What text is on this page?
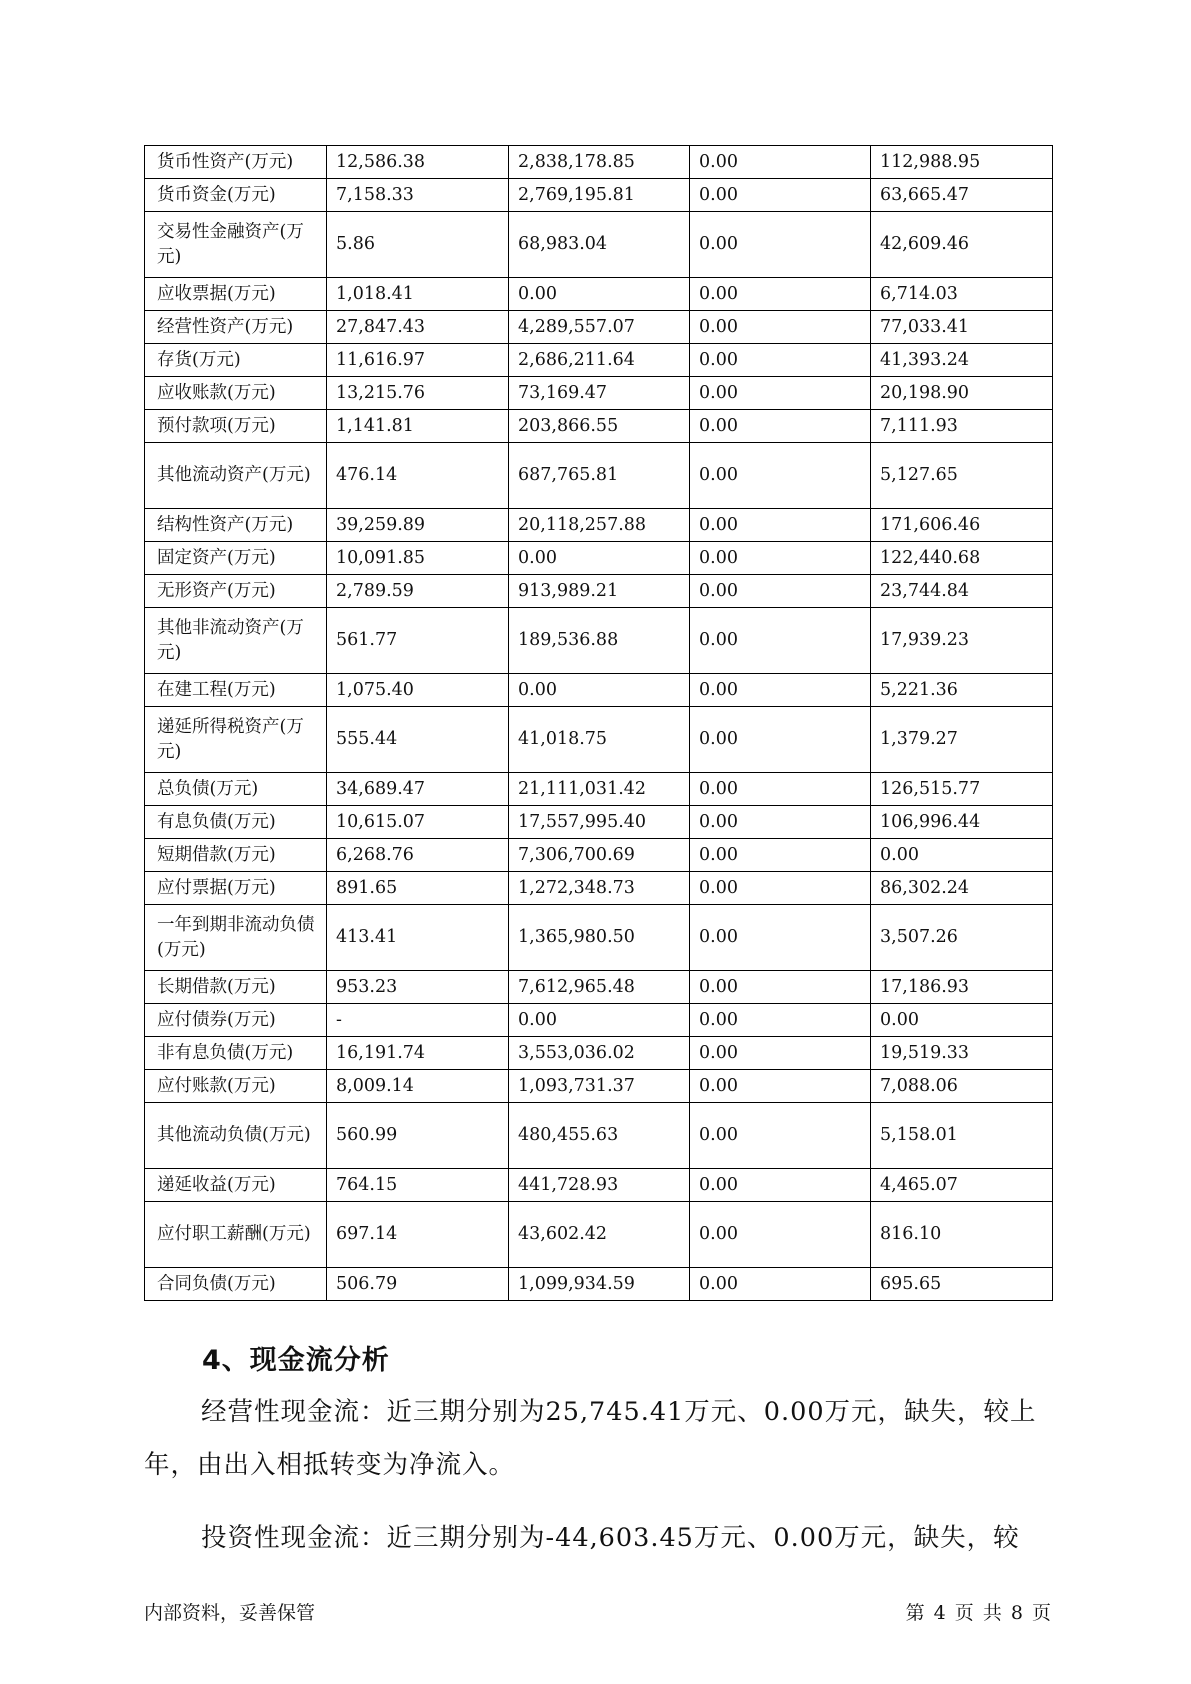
货币性资产(万元)	12,586.38	2,838,178.85	0.00	112,988.95
货币资金(万元)	7,158.33	2,769,195.81	0.00	63,665.47
交易性金融资产(万元)	5.86	68,983.04	0.00	42,609.46
应收票据(万元)	1,018.41	0.00	0.00	6,714.03
经营性资产(万元)	27,847.43	4,289,557.07	0.00	77,033.41
存货(万元)	11,616.97	2,686,211.64	0.00	41,393.24
应收账款(万元)	13,215.76	73,169.47	0.00	20,198.90
预付款项(万元)	1,141.81	203,866.55	0.00	7,111.93
其他流动资产(万元)	476.14	687,765.81	0.00	5,127.65
结构性资产(万元)	39,259.89	20,118,257.88	0.00	171,606.46
固定资产(万元)	10,091.85	0.00	0.00	122,440.68
无形资产(万元)	2,789.59	913,989.21	0.00	23,744.84
其他非流动资产(万元)	561.77	189,536.88	0.00	17,939.23
在建工程(万元)	1,075.40	0.00	0.00	5,221.36
递延所得税资产(万元)	555.44	41,018.75	0.00	1,379.27
总负债(万元)	34,689.47	21,111,031.42	0.00	126,515.77
有息负债(万元)	10,615.07	17,557,995.40	0.00	106,996.44
短期借款(万元)	6,268.76	7,306,700.69	0.00	0.00
应付票据(万元)	891.65	1,272,348.73	0.00	86,302.24
一年到期非流动负债(万元)	413.41	1,365,980.50	0.00	3,507.26
长期借款(万元)	953.23	7,612,965.48	0.00	17,186.93
应付债券(万元)	-	0.00	0.00	0.00
非有息负债(万元)	16,191.74	3,553,036.02	0.00	19,519.33
应付账款(万元)	8,009.14	1,093,731.37	0.00	7,088.06
其他流动负债(万元)	560.99	480,455.63	0.00	5,158.01
递延收益(万元)	764.15	441,728.93	0.00	4,465.07
应付职工薪酬(万元)	697.14	43,602.42	0.00	816.10
合同负债(万元)	506.79	1,099,934.59	0.00	695.65
4、现金流分析

经营性现金流：近三期分别为25,745.41万元、0.00万元，缺失，较上年，由出入相抵转变为净流入。

投资性现金流：近三期分别为-44,603.45万元、0.00万元，缺失，较

内部资料，妥善保管	第 4 页 共 8 页
